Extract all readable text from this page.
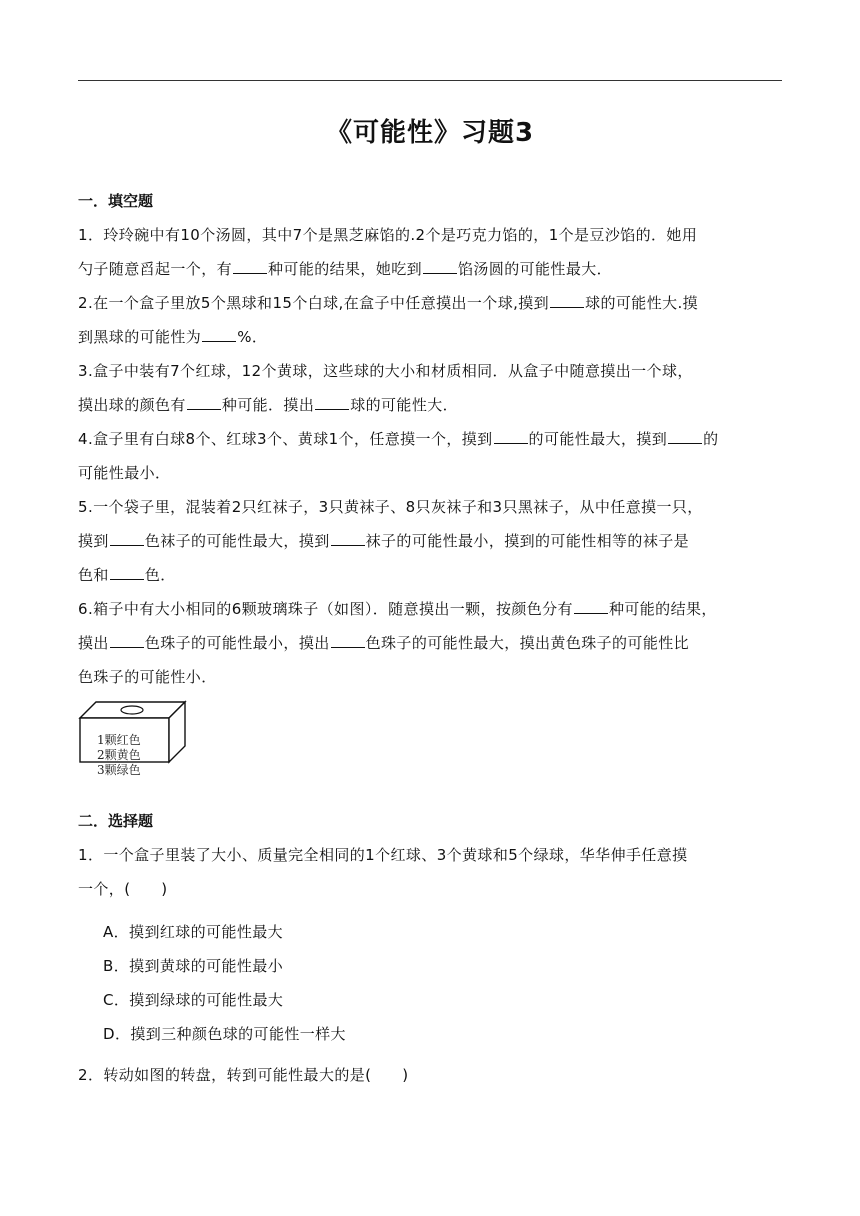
《可能性》习题3
一．填空题
1．玲玲碗中有10个汤圆，其中7个是黑芝麻馅的.2个是巧克力馅的，1个是豆沙馅的．她用
勺子随意舀起一个，有 种可能的结果，她吃到 馅汤圆的可能性最大．
2.在一个盒子里放5个黑球和15个白球,在盒子中任意摸出一个球,摸到 球的可能性大.摸
到黑球的可能性为 %．
3.盒子中装有7个红球，12个黄球，这些球的大小和材质相同．从盒子中随意摸出一个球，
摸出球的颜色有 种可能．摸出 球的可能性大．
4.盒子里有白球8个、红球3个、黄球1个，任意摸一个，摸到 的可能性最大，摸到 的
可能性最小．
5.一个袋子里，混装着2只红袜子，3只黄袜子、8只灰袜子和3只黑袜子，从中任意摸一只，
摸到 色袜子的可能性最大，摸到 袜子的可能性最小，摸到的可能性相等的袜子是
色和 色．
6.箱子中有大小相同的6颗玻璃珠子（如图）．随意摸出一颗，按颜色分有 种可能的结果，
摸出 色珠子的可能性最小，摸出 色珠子的可能性最大，摸出黄色珠子的可能性比
色珠子的可能性小．
1颗红色
2颗黄色
3颗绿色
二．选择题
1．一个盒子里装了大小、质量完全相同的1个红球、3个黄球和5个绿球，华华伸手任意摸
一个，(　　)
A．摸到红球的可能性最大
B．摸到黄球的可能性最小
C．摸到绿球的可能性最大
D．摸到三种颜色球的可能性一样大
2．转动如图的转盘，转到可能性最大的是(　　)
